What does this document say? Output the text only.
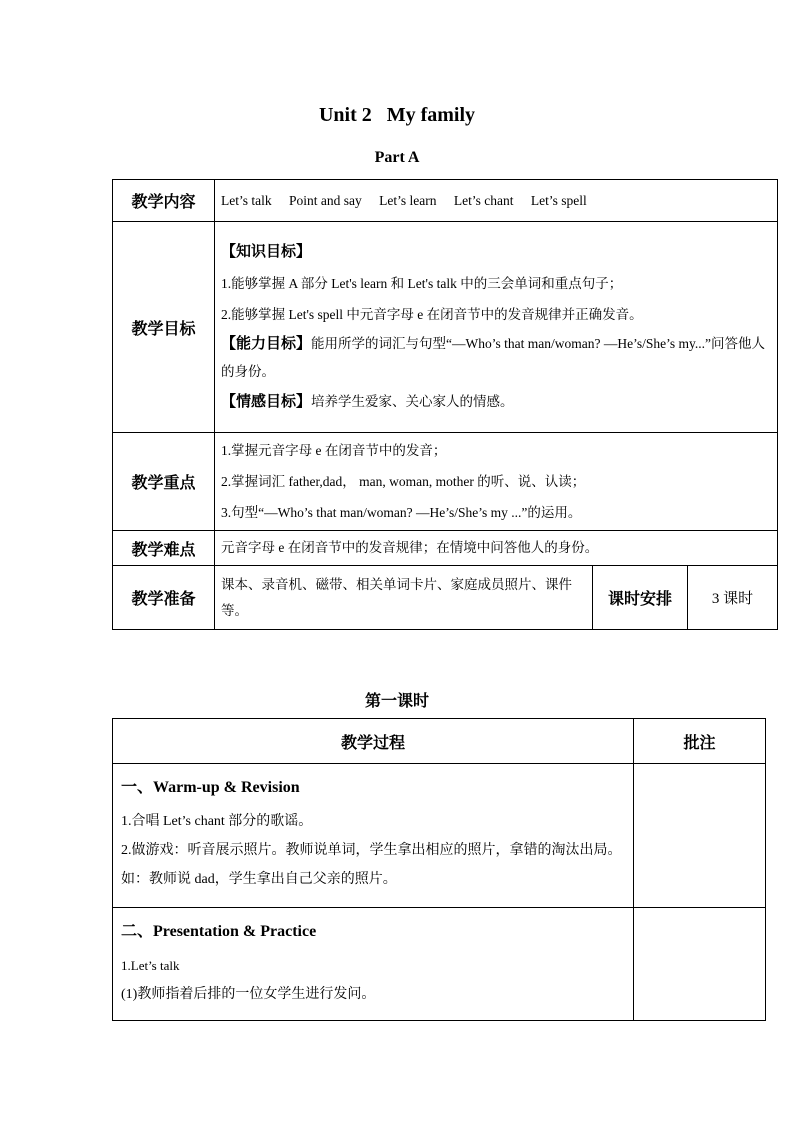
Unit 2   My family
Part A
教学内容	Let’s talk Point and say Let’s learn Let’s chant Let’s spell		
教学目标	【知识目标】
1.能够掌握 A 部分 Let's learn 和 Let's talk 中的三会单词和重点句子；
2.能够掌握 Let's spell 中元音字母 e 在闭音节中的发音规律并正确发音。
【能力目标】能用所学的词汇与句型“—Who’s that man/woman? —He’s/She’s my...”问答他人的身份。
【情感目标】培养学生爱家、关心家人的情感。		

教学重点	1.掌握元音字母 e 在闭音节中的发音；
2.掌握词汇 father,dad， man, woman, mother 的听、说、认读；
3.句型“—Who’s that man/woman? —He’s/She’s my ...”的运用。		

教学难点	元音字母 e 在闭音节中的发音规律；在情境中问答他人的身份。		
教学准备	课本、录音机、磁带、相关单词卡片、家庭成员照片、课件等。	课时安排	3 课时
第一课时
教学过程	批注

一、Warm-up & Revision
1.合唱 Let’s chant 部分的歌谣。
2.做游戏：听音展示照片。教师说单词，学生拿出相应的照片，拿错的淘汰出局。如：教师说 dad，学生拿出自己父亲的照片。	

二、Presentation & Practice
1.Let’s talk
(1)教师指着后排的一位女学生进行发问。	
